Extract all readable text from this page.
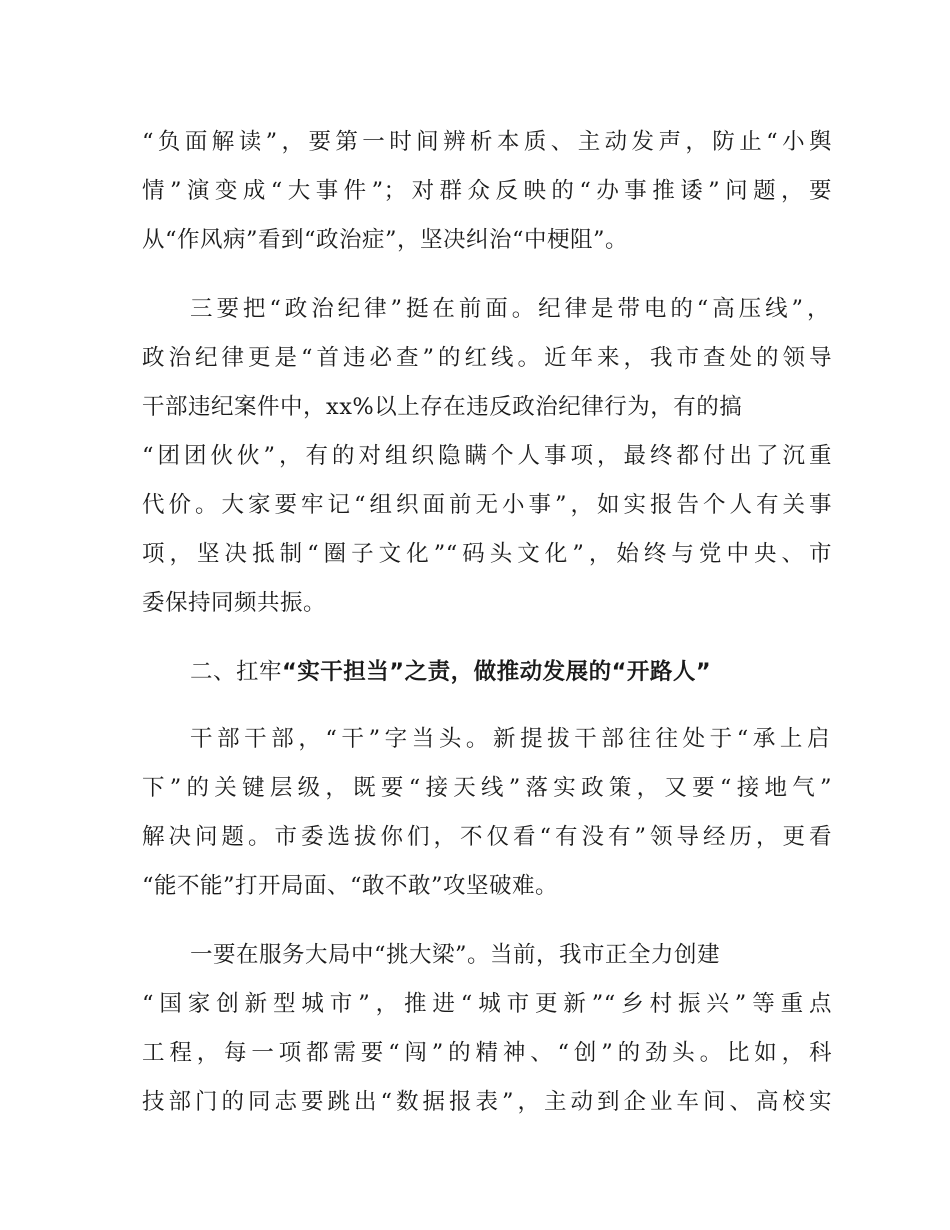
“负面解读”，要第一时间辨析本质、主动发声，防止“小舆
情”演变成“大事件”；对群众反映的“办事推诿”问题，要
从“作风病”看到“政治症”，坚决纠治“中梗阻”。
三要把“政治纪律”挺在前面。纪律是带电的“高压线”，
政治纪律更是“首违必查”的红线。近年来，我市查处的领导
干部违纪案件中，xx%以上存在违反政治纪律行为，有的搞
“团团伙伙”，有的对组织隐瞒个人事项，最终都付出了沉重
代价。大家要牢记“组织面前无小事”，如实报告个人有关事
项，坚决抵制“圈子文化”“码头文化”，始终与党中央、市
委保持同频共振。
二、扛牢“实干担当”之责，做推动发展的“开路人”
干部干部，“干”字当头。新提拔干部往往处于“承上启
下”的关键层级，既要“接天线”落实政策，又要“接地气”
解决问题。市委选拔你们，不仅看“有没有”领导经历，更看
“能不能”打开局面、“敢不敢”攻坚破难。
一要在服务大局中“挑大梁”。当前，我市正全力创建
“国家创新型城市”，推进“城市更新”“乡村振兴”等重点
工程，每一项都需要“闯”的精神、“创”的劲头。比如，科
技部门的同志要跳出“数据报表”，主动到企业车间、高校实
